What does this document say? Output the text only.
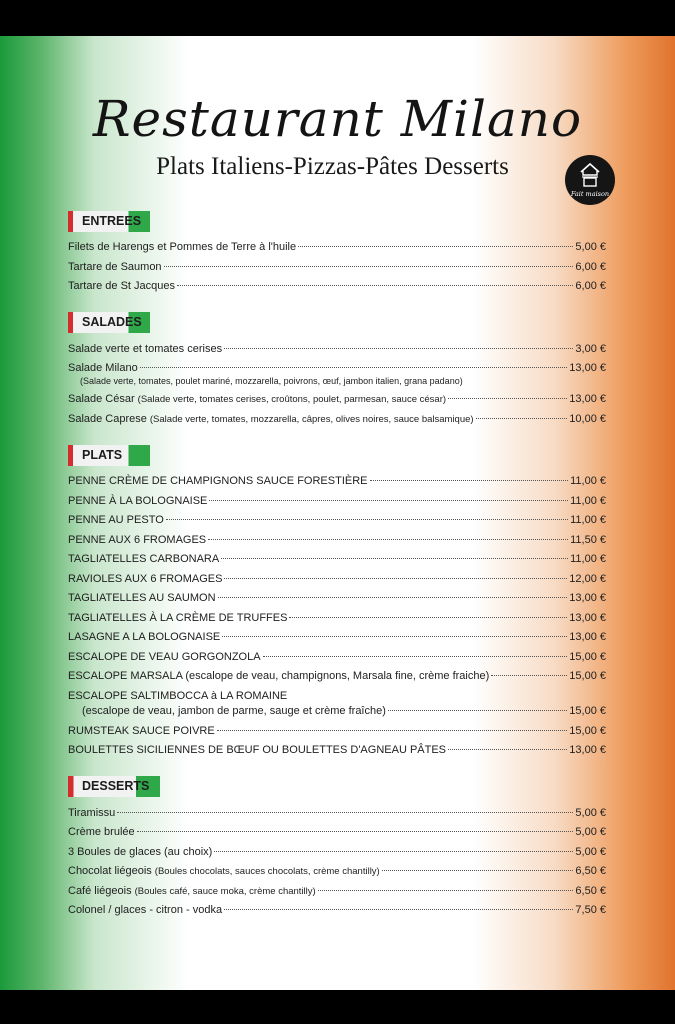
Restaurant Milano
Plats Italiens-Pizzas-Pâtes Desserts
Fait maison
ENTREES
Filets de Harengs et Pommes de Terre à l'huile	5,00 €
Tartare de Saumon	6,00 €
Tartare de St Jacques	6,00 €
SALADES
Salade verte et tomates cerises	3,00 €
Salade Milano	13,00 €
(Salade verte, tomates, poulet mariné, mozzarella, poivrons, œuf, jambon italien, grana padano)
Salade César (Salade verte, tomates cerises, croûtons, poulet, parmesan, sauce césar)	13,00 €
Salade Caprese (Salade verte, tomates, mozzarella, câpres, olives noires, sauce balsamique)	10,00 €
PLATS
PENNE CRÈME DE CHAMPIGNONS SAUCE FORESTIÈRE	11,00 €
PENNE À LA BOLOGNAISE	11,00 €
PENNE AU PESTO	11,00 €
PENNE AUX 6 FROMAGES	11,50 €
TAGLIATELLES CARBONARA	11,00 €
RAVIOLES AUX 6 FROMAGES	12,00 €
TAGLIATELLES AU SAUMON	13,00 €
TAGLIATELLES À LA CRÈME DE TRUFFES	13,00 €
LASAGNE A LA BOLOGNAISE	13,00 €
ESCALOPE DE VEAU GORGONZOLA	15,00 €
ESCALOPE MARSALA (escalope de veau, champignons, Marsala fine, crème fraiche)	15,00 €
ESCALOPE SALTIMBOCCA à LA ROMAINE
(escalope de veau, jambon de parme, sauge et crème fraîche)	15,00 €
RUMSTEAK SAUCE POIVRE	15,00 €
BOULETTES SICILIENNES DE BŒUF OU BOULETTES D'AGNEAU PÂTES	13,00 €
DESSERTS
Tiramissu	5,00 €
Crème brulée	5,00 €
3 Boules de glaces (au choix)	5,00 €
Chocolat liégeois (Boules chocolats, sauces chocolats, crème chantilly)	6,50 €
Café liégeois (Boules café, sauce moka, crème chantilly)	6,50 €
Colonel / glaces - citron - vodka	7,50 €
